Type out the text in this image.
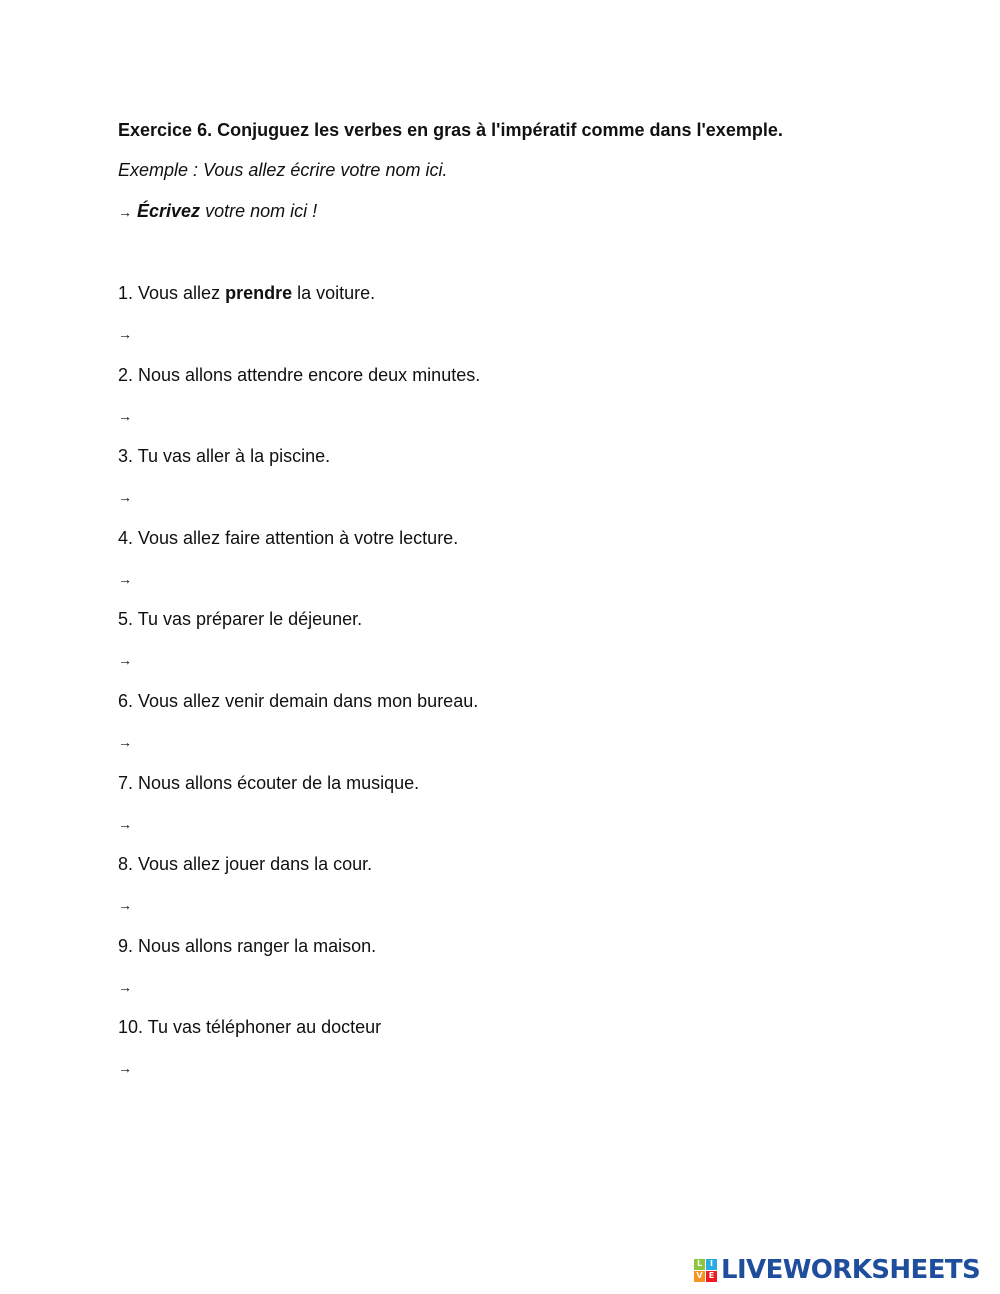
Exercice 6. Conjuguez les verbes en gras à l'impératif comme dans l'exemple.
Exemple : Vous allez écrire votre nom ici.
→ Écrivez votre nom ici !
1. Vous allez prendre la voiture.
→
2. Nous allons attendre encore deux minutes.
→
3. Tu vas aller à la piscine.
→
4. Vous allez faire attention à votre lecture.
→
5. Tu vas préparer le déjeuner.
→
6. Vous allez venir demain dans mon bureau.
→
7. Nous allons écouter de la musique.
→
8. Vous allez jouer dans la cour.
→
9. Nous allons ranger la maison.
→
10. Tu vas téléphoner au docteur
→
L I
V E LIVEWORKSHEETS
